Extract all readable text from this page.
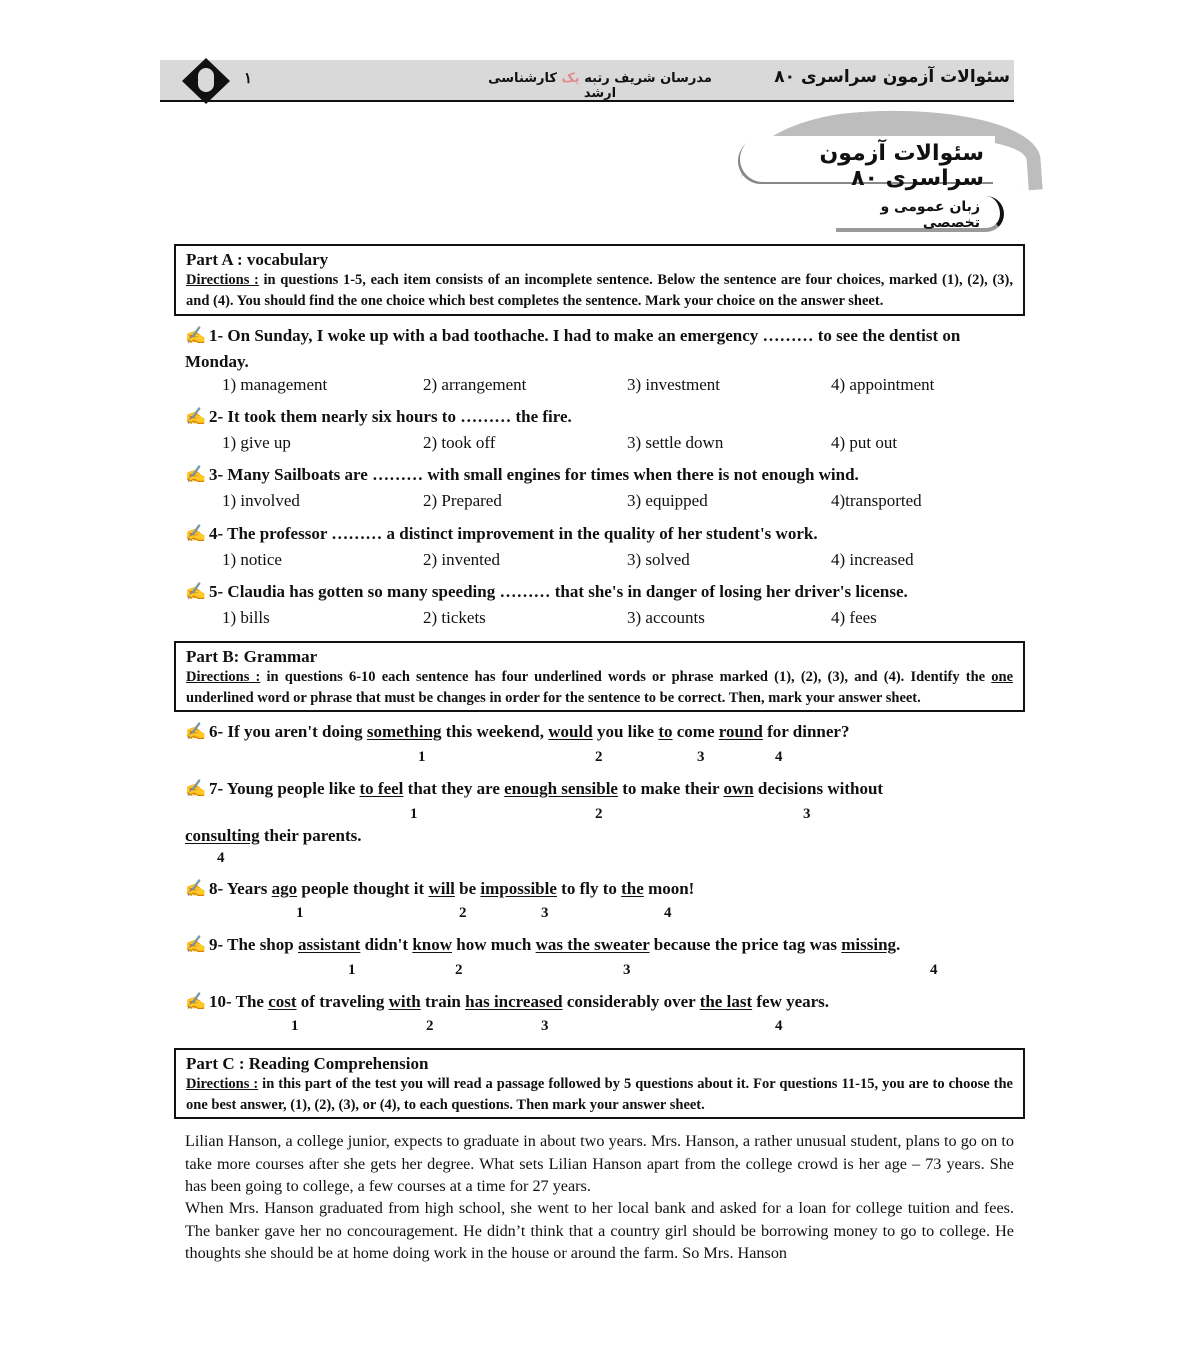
۱	مدرسان شریف رتبه یک کارشناسی ارشد
سئوالات آزمون سراسری ۸۰
سئوالات آزمون سراسری ۸۰
زبان عمومی و تخصصی
Part A : vocabulary
Directions : in questions 1-5, each item consists of an incomplete sentence. Below the sentence are four choices, marked (1), (2), (3), and (4). You should find the one choice which best completes the sentence. Mark your choice on the answer sheet.
✍ 1- On Sunday, I woke up with a bad toothache. I had to make an emergency ……… to see the dentist on
Monday.
1) management	2) arrangement	3) investment	4) appointment
✍ 2- It took them nearly six hours to ……… the fire.
1) give up	2) took off	3) settle down	4) put out
✍ 3- Many Sailboats are ……… with small engines for times when there is not enough wind.
1) involved	2) Prepared	3) equipped	4)transported
✍ 4- The professor ……… a distinct improvement in the quality of her student's work.
1) notice	2) invented	3) solved	4) increased
✍ 5- Claudia has gotten so many speeding ……… that she's in danger of losing her driver's license.
1) bills	2) tickets	3) accounts	4) fees
Part B: Grammar
Directions : in questions 6-10 each sentence has four underlined words or phrase marked (1), (2), (3), and (4). Identify the one underlined word or phrase that must be changes in order for the sentence to be correct. Then, mark your answer sheet.
✍ 6- If you aren't doing something this weekend, would you like to come round for dinner?
1	2	3	4
✍ 7- Young people like to feel that they are enough sensible to make their own decisions without
1	2	3
consulting their parents.
4
✍ 8- Years ago people thought it will be impossible to fly to the moon!
1	2	3	4
✍ 9- The shop assistant didn't know how much was the sweater because the price tag was missing.
1	2	3	4
✍ 10- The cost of traveling with train has increased considerably over the last few years.
1	2	3	4
Part C : Reading Comprehension
Directions : in this part of the test you will read a passage followed by 5 questions about it. For questions 11-15, you are to choose the one best answer, (1), (2), (3), or (4), to each questions. Then mark your answer sheet.
Lilian Hanson, a college junior, expects to graduate in about two years. Mrs. Hanson, a rather unusual student, plans to go on to take more courses after she gets her degree. What sets Lilian Hanson apart from the college crowd is her age – 73 years. She has been going to college, a few courses at a time for 27 years.
When Mrs. Hanson graduated from high school, she went to her local bank and asked for a loan for college tuition and fees. The banker gave her no concouragement. He didn’t think that a country girl should be borrowing money to go to college. He thoughts she should be at home doing work in the house or around the farm. So Mrs. Hanson
